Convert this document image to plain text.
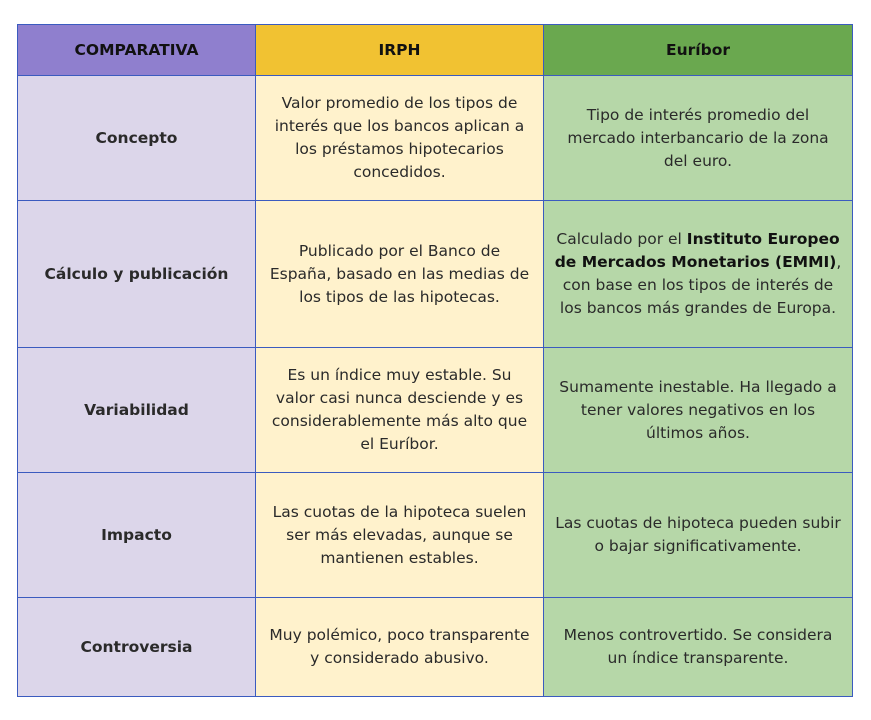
COMPARATIVA	IRPH	Euríbor
Concepto	Valor promedio de los tipos de interés que los bancos aplican a los préstamos hipotecarios concedidos.	Tipo de interés promedio del mercado interbancario de la zona del euro.
Cálculo y publicación	Publicado por el Banco de España, basado en las medias de los tipos de las hipotecas.	Calculado por el Instituto Europeo de Mercados Monetarios (EMMI), con base en los tipos de interés de los bancos más grandes de Europa.
Variabilidad	Es un índice muy estable. Su valor casi nunca desciende y es considerablemente más alto que el Euríbor.	Sumamente inestable. Ha llegado a tener valores negativos en los últimos años.
Impacto	Las cuotas de la hipoteca suelen ser más elevadas, aunque se mantienen estables.	Las cuotas de hipoteca pueden subir o bajar significativamente.
Controversia	Muy polémico, poco transparente y considerado abusivo.	Menos controvertido. Se considera un índice transparente.
